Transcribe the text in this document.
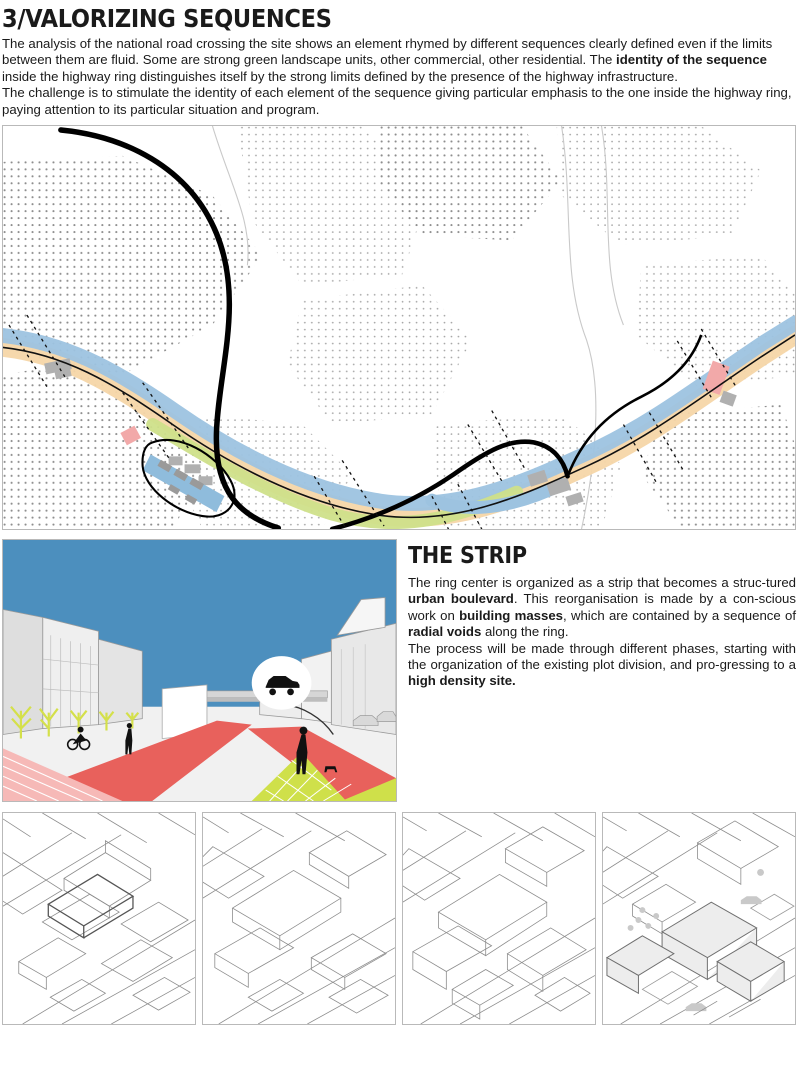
3/VALORIZING SEQUENCES

The analysis of the national road crossing the site shows an element rhymed by different sequences clearly defined even if the limits between them are fluid. Some are strong green landscape units, other commercial, other residential. The identity of the sequence inside the highway ring distinguishes itself by the strong limits defined by the presence of the highway infrastructure.

The challenge is to stimulate the identity of each element of the sequence giving particular emphasis to the one inside the highway ring, paying attention to its particular situation and program.

THE STRIP

The ring center is organized as a strip that becomes a struc-tured urban boulevard. This reorganisation is made by a con-scious work on building masses, which are contained by a sequence of radial voids along the ring.

The process will be made through different phases, starting with the organization of the existing plot division, and pro-gressing to a high density site.
